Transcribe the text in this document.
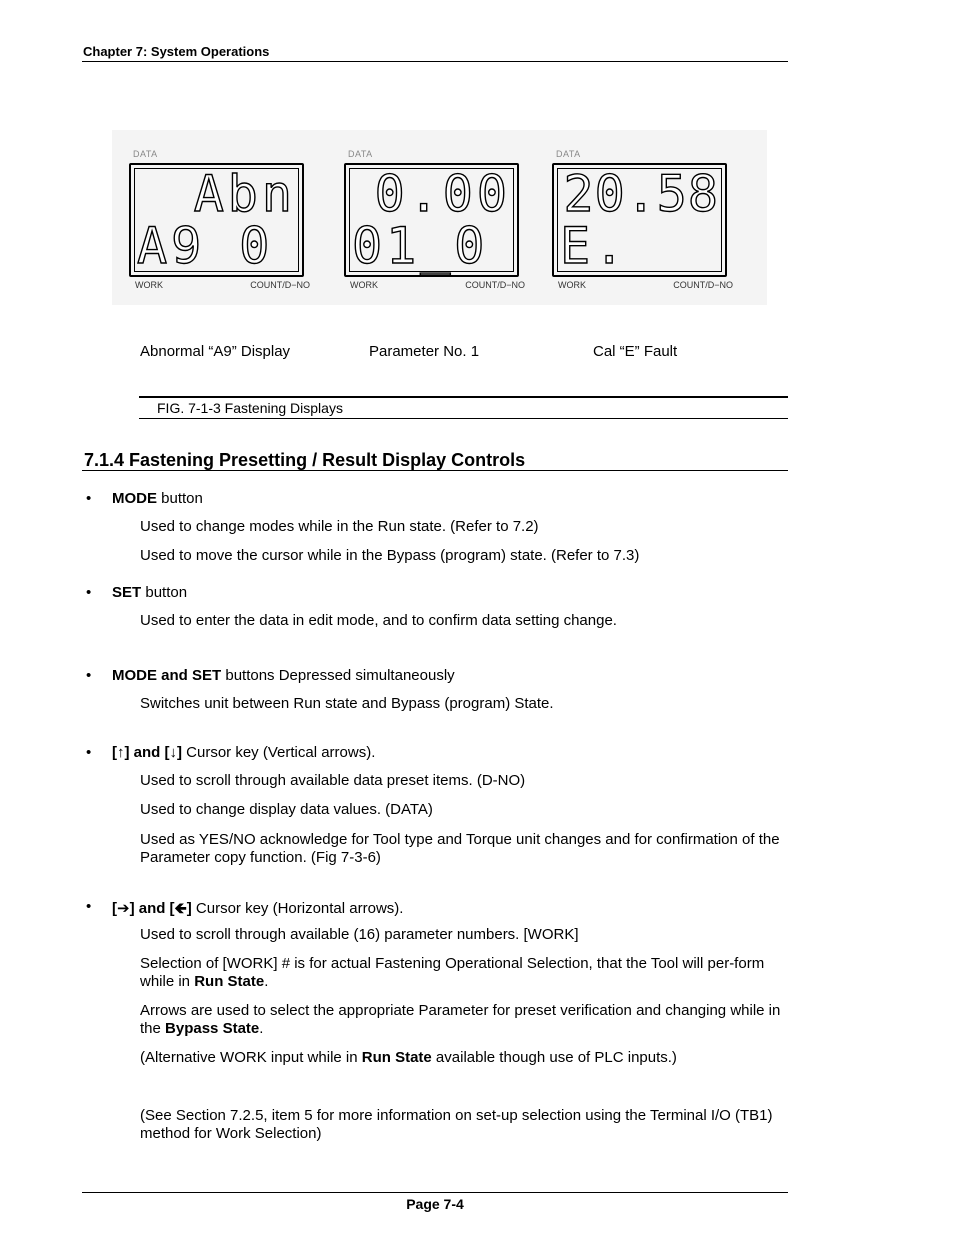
Chapter 7: System Operations
DATA
Abn
A9 0
WORK	COUNT/D−NO
DATA
0.00
01_0
WORK	COUNT/D−NO
DATA
20.58
E.
WORK	COUNT/D−NO
Abnormal “A9” Display	Parameter No. 1	Cal “E” Fault
FIG. 7-1-3 Fastening Displays
7.1.4 Fastening Presetting / Result Display Controls
• MODE button
Used to change modes while in the Run state. (Refer to 7.2)
Used to move the cursor while in the Bypass (program) state. (Refer to 7.3)
• SET button
Used to enter the data in edit mode, and to confirm data setting change.
• MODE and SET buttons Depressed simultaneously
Switches unit between Run state and Bypass (program) State.
• [↑] and [↓] Cursor key (Vertical arrows).
Used to scroll through available data preset items. (D-NO)
Used to change display data values. (DATA)
Used as YES/NO acknowledge for Tool type and Torque unit changes and for confirmation of the Parameter copy function. (Fig 7-3-6)
• [➔] and [🡸] Cursor key (Horizontal arrows).
Used to scroll through available (16) parameter numbers. [WORK]
Selection of [WORK] # is for actual Fastening Operational Selection, that the Tool will per-form while in Run State.
Arrows are used to select the appropriate Parameter for preset verification and changing while in the Bypass State.
(Alternative WORK input while in Run State available though use of PLC inputs.)
(See Section 7.2.5, item 5 for more information on set-up selection using the Terminal I/O (TB1) method for Work Selection)
Page 7-4
